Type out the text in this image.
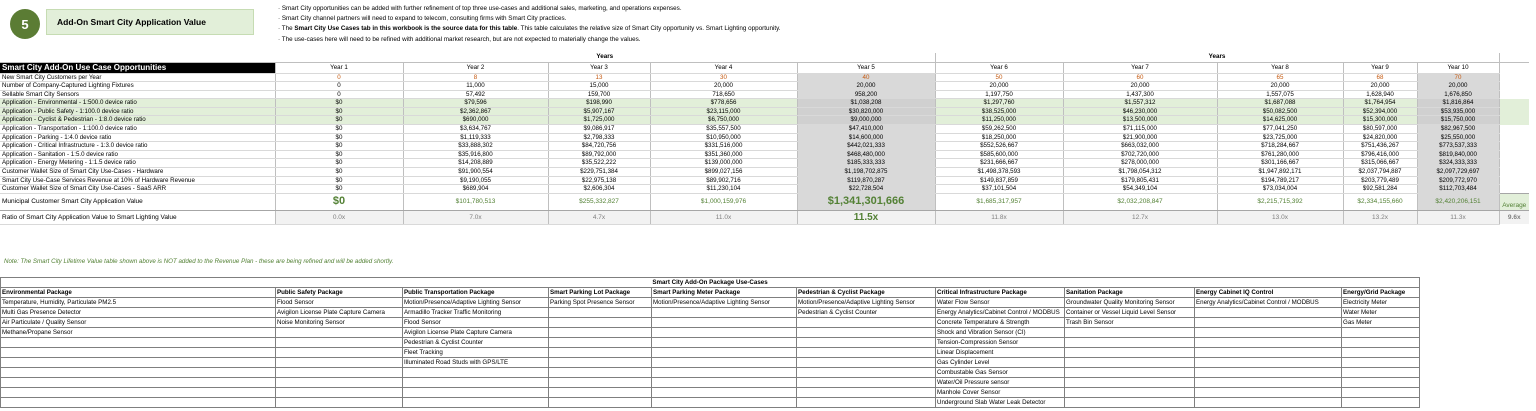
5	Add-On Smart City Application Value
· Smart City opportunities can be added with further refinement of top three use-cases and additional sales, marketing, and operations expenses.
· Smart City channel partners will need to expand to telecom, consulting firms with Smart City practices.
· The Smart City Use Cases tab in this workbook is the source data for this table. This table calculates the relative size of Smart City opportunity vs. Smart Lighting opportunity.
· The use-cases here will need to be refined with additional market research, but are not expected to materially change the values.
	Years					Years					
Smart City Add-On Use Case Opportunities	Year 1	Year 2	Year 3	Year 4	Year 5	Year 6	Year 7	Year 8	Year 9	Year 10	
New Smart City Customers per Year	0	8	13	30	40	50	60	65	68	70	
Number of Company-Captured Lighting Fixtures	0	11,000	15,000	20,000	20,000	20,000	20,000	20,000	20,000	20,000	
Sellable Smart City Sensors	0	57,492	159,700	718,650	958,200	1,197,750	1,437,300	1,557,075	1,628,940	1,676,850	
Application - Environmental - 1:500.0 device ratio	$0	$79,596	$198,990	$778,656	$1,038,208	$1,297,760	$1,557,312	$1,687,088	$1,764,954	$1,816,864	
Application - Public Safety - 1:100.0 device ratio	$0	$2,362,867	$5,907,167	$23,115,000	$30,820,000	$38,525,000	$46,230,000	$50,082,500	$52,394,000	$53,935,000	
Application - Cyclist & Pedestrian - 1:8.0 device ratio	$0	$690,000	$1,725,000	$6,750,000	$9,000,000	$11,250,000	$13,500,000	$14,625,000	$15,300,000	$15,750,000	
Application - Transportation - 1:100.0 device ratio	$0	$3,634,767	$9,086,917	$35,557,500	$47,410,000	$59,262,500	$71,115,000	$77,041,250	$80,597,000	$82,967,500	
Application - Parking - 1:4.0 device ratio	$0	$1,119,333	$2,798,333	$10,950,000	$14,600,000	$18,250,000	$21,900,000	$23,725,000	$24,820,000	$25,550,000	
Application - Critical Infrastructure - 1:3.0 device ratio	$0	$33,888,302	$84,720,756	$331,516,000	$442,021,333	$552,526,667	$663,032,000	$718,284,667	$751,436,267	$773,537,333	
Application - Sanitation - 1:5.0 device ratio	$0	$35,916,800	$89,792,000	$351,360,000	$468,480,000	$585,600,000	$702,720,000	$761,280,000	$796,416,000	$819,840,000	
Application - Energy Metering - 1:1.5 device ratio	$0	$14,208,889	$35,522,222	$139,000,000	$185,333,333	$231,666,667	$278,000,000	$301,166,667	$315,066,667	$324,333,333	
Customer Wallet Size of Smart City Use-Cases - Hardware	$0	$91,900,554	$229,751,384	$899,027,156	$1,198,702,875	$1,498,378,593	$1,798,054,312	$1,947,892,171	$2,037,794,887	$2,097,729,697	
Smart City Use-Case Services Revenue at 10% of Hardware Revenue	$0	$9,190,055	$22,975,138	$89,902,716	$119,870,287	$149,837,859	$179,805,431	$194,789,217	$203,779,489	$209,772,970	
Customer Wallet Size of Smart City Use-Cases - SaaS ARR	$0	$689,904	$2,606,304	$11,230,104	$22,728,504	$37,101,504	$54,349,104	$73,034,004	$92,581,284	$112,703,484	
Municipal Customer Smart City Application Value	$0	$101,780,513	$255,332,827	$1,000,159,976	$1,341,301,666	$1,685,317,957	$2,032,208,847	$2,215,715,392	$2,334,155,660	$2,420,206,151	Average
Ratio of Smart City Application Value to Smart Lighting Value	0.0x	7.0x	4.7x	11.0x	11.5x	11.8x	12.7x	13.0x	13.2x	11.3x	9.6x
Note: The Smart City Lifetime Value table shown above is NOT added to the Revenue Plan - these are being refined and will be added shortly.
Smart City Add-On Package Use-Cases									
Environmental Package	Public Safety Package	Public Transportation Package	Smart Parking Lot Package	Smart Parking Meter Package	Pedestrian & Cyclist Package	Critical Infrastructure Package	Sanitation Package	Energy Cabinet IQ Control	Energy/Grid Package
Temperature, Humidity, Particulate PM2.5	Flood Sensor	Motion/Presence/Adaptive Lighting Sensor	Parking Spot Presence Sensor	Motion/Presence/Adaptive Lighting Sensor	Motion/Presence/Adaptive Lighting Sensor	Water Flow Sensor	Groundwater Quality Monitoring Sensor	Energy Analytics/Cabinet Control / MODBUS	Electricity Meter
Multi Gas Presence Detector	Avigilon License Plate Capture Camera	Armadillo Tracker Traffic Monitoring			Pedestrian & Cyclist Counter	Energy Analytics/Cabinet Control / MODBUS	Container or Vessel Liquid Level Sensor		Water Meter
Air Particulate / Quality Sensor	Noise Monitoring Sensor	Flood Sensor				Concrete Temperature & Strength	Trash Bin Sensor		Gas Meter
Methane/Propane Sensor		Avigilon License Plate Capture Camera				Shock and Vibration Sensor (CI)			
		Pedestrian & Cyclist Counter				Tension-Compression Sensor			
		Fleet Tracking				Linear Displacement			
		Illuminated Road Studs with GPS/LTE				Gas Cylinder Level			
						Combustable Gas Sensor			
						Water/Oil Pressure sensor			
						Manhole Cover Sensor			
						Underground Slab Water Leak Detector			
